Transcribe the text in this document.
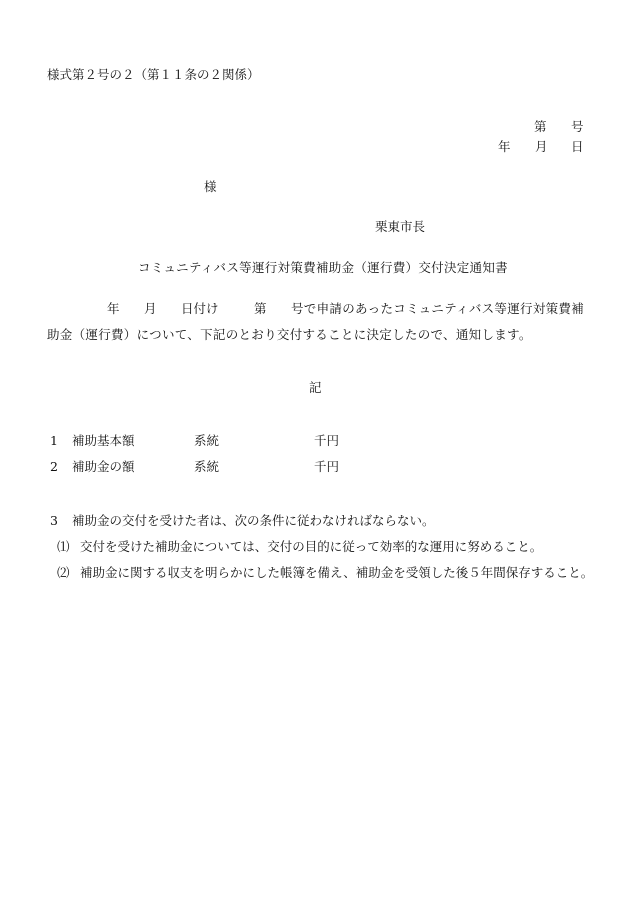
様式第２号の２（第１１条の２関係）
第 号
年 月 日
様
栗東市長
コミュニティバス等運行対策費補助金（運行費）交付決定通知書
年 月 日付け	第 号で申請のあったコミュニティバス等運行対策費補
助金（運行費）について、下記のとおり交付することに決定したので、通知します。
記
1 補助基本額	系統	千円
2 補助金の額	系統	千円
3 補助金の交付を受けた者は、次の条件に従わなければならない。
⑴ 交付を受けた補助金については、交付の目的に従って効率的な運用に努めること。
⑵ 補助金に関する収支を明らかにした帳簿を備え、補助金を受領した後５年間保存すること。
